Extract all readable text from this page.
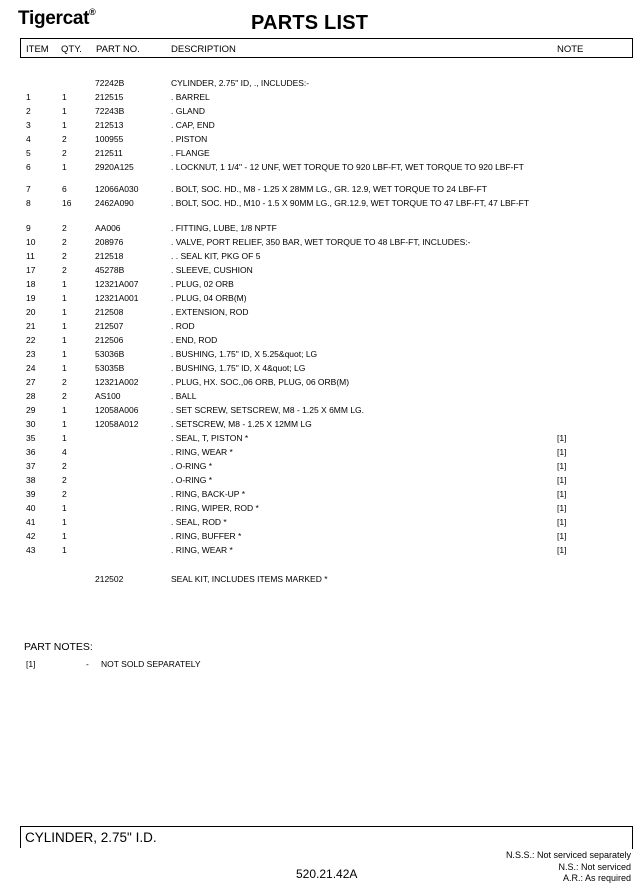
Tigercat®	PARTS LIST
ITEM QTY. PART NO.	DESCRIPTION	NOTE
72242B	CYLINDER, 2.75" ID, ., INCLUDES:-
1	1	212515	. BARREL
2	1	72243B	. GLAND
3	1	212513	. CAP, END
4	2	100955	. PISTON
5	2	212511	. FLANGE
6	1	2920A125	. LOCKNUT, 1 1/4" - 12 UNF, WET TORQUE TO 920 LBF-FT, WET TORQUE TO 920 LBF-FT
7	6	12066A030	. BOLT, SOC. HD., M8 - 1.25 X 28MM LG., GR. 12.9, WET TORQUE TO 24 LBF-FT
8	16	2462A090	. BOLT, SOC. HD., M10 - 1.5 X 90MM LG., GR.12.9, WET TORQUE TO 47 LBF-FT, 47 LBF-FT
9	2	AA006	. FITTING, LUBE, 1/8 NPTF
10	2	208976	. VALVE, PORT RELIEF, 350 BAR, WET TORQUE TO 48 LBF-FT, INCLUDES:-
11	2	212518	. . SEAL KIT, PKG OF 5
17	2	45278B	. SLEEVE, CUSHION
18	1	12321A007	. PLUG, 02 ORB
19	1	12321A001	. PLUG, 04 ORB(M)
20	1	212508	. EXTENSION, ROD
21	1	212507	. ROD
22	1	212506	. END, ROD
23	1	53036B	. BUSHING, 1.75" ID, X 5.25&quot; LG
24	1	53035B	. BUSHING, 1.75" ID, X 4&quot; LG
27	2	12321A002	. PLUG, HX. SOC.,06 ORB, PLUG, 06 ORB(M)
28	2	AS100	. BALL
29	1	12058A006	. SET SCREW, SETSCREW, M8 - 1.25 X 6MM LG.
30	1	12058A012	. SETSCREW, M8 - 1.25 X 12MM LG
35	1	. SEAL, T, PISTON *	[1]
36	4	. RING, WEAR *	[1]
37	2	. O-RING *	[1]
38	2	. O-RING *	[1]
39	2	. RING, BACK-UP *	[1]
40	1	. RING, WIPER, ROD *	[1]
41	1	. SEAL, ROD *	[1]
42	1	. RING, BUFFER *	[1]
43	1	. RING, WEAR *	[1]
212502	SEAL KIT, INCLUDES ITEMS MARKED *
PART NOTES:
[1]	- NOT SOLD SEPARATELY
CYLINDER, 2.75" I.D.
N.S.S.: Not serviced separately
N.S.: Not serviced
A.R.: As required
520.21.42A
